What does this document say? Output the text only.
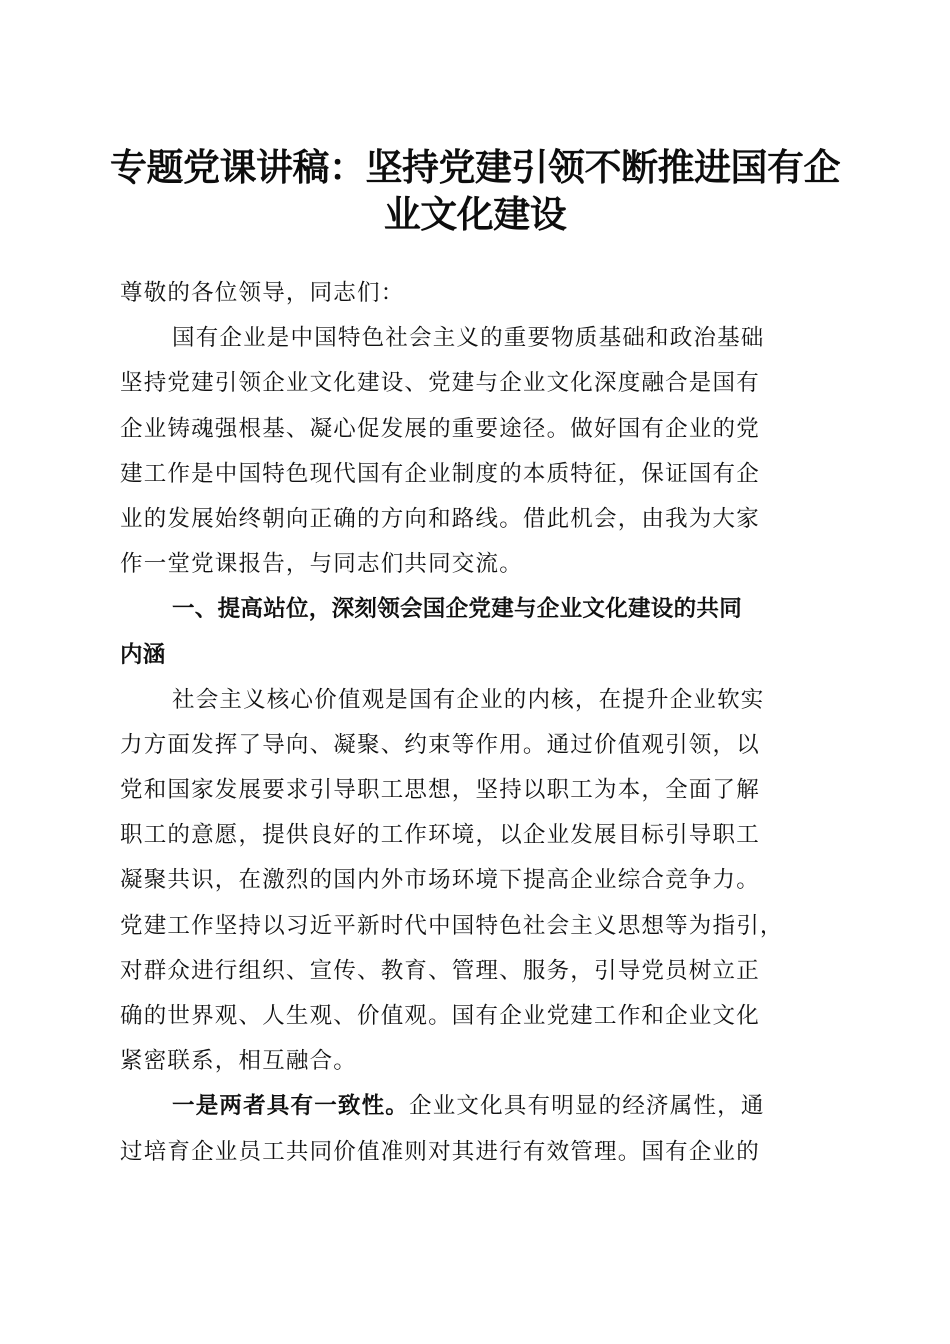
专题党课讲稿：坚持党建引领不断推进国有企
业文化建设
尊敬的各位领导，同志们：
国有企业是中国特色社会主义的重要物质基础和政治基础
坚持党建引领企业文化建设、党建与企业文化深度融合是国有
企业铸魂强根基、凝心促发展的重要途径。做好国有企业的党
建工作是中国特色现代国有企业制度的本质特征，保证国有企
业的发展始终朝向正确的方向和路线。借此机会，由我为大家
作一堂党课报告，与同志们共同交流。
一、提高站位，深刻领会国企党建与企业文化建设的共同
内涵
社会主义核心价值观是国有企业的内核，在提升企业软实
力方面发挥了导向、凝聚、约束等作用。通过价值观引领，以
党和国家发展要求引导职工思想，坚持以职工为本，全面了解
职工的意愿，提供良好的工作环境，以企业发展目标引导职工
凝聚共识，在激烈的国内外市场环境下提高企业综合竞争力。
党建工作坚持以习近平新时代中国特色社会主义思想等为指引，
对群众进行组织、宣传、教育、管理、服务，引导党员树立正
确的世界观、人生观、价值观。国有企业党建工作和企业文化
紧密联系，相互融合。
一是两者具有一致性。企业文化具有明显的经济属性，通
过培育企业员工共同价值准则对其进行有效管理。国有企业的
